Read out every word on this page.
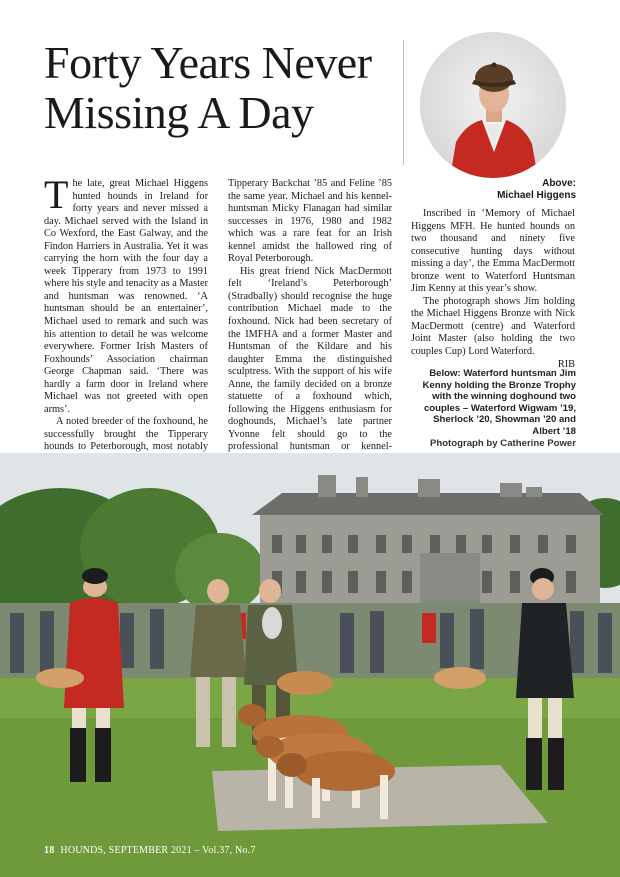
Forty Years Never Missing A Day
Above:
Michael Higgens

The late, great Michael Higgens hunted hounds in Ireland for forty years and never missed a day. Michael served with the Island in Co Wexford, the East Galway, and the Findon Harriers in Australia. Yet it was carrying the horn with the four day a week Tipperary from 1973 to 1991 where his style and tenacity as a Master and huntsman was renowned. ‘A huntsman should be an entertainer’, Michael used to remark and such was his attention to detail he was welcome everywhere. Former Irish Masters of Foxhounds’ Association chairman George Chapman said. ‘There was hardly a farm door in Ireland where Michael was not greeted with open arms’.

A noted breeder of the foxhound, he successfully brought the Tipperary hounds to Peterborough, most notably

Tipperary Backchat ’85 and Feline ’85 the same year. Michael and his kennel-huntsman Micky Flanagan had similar successes in 1976, 1980 and 1982 which was a rare feat for an Irish kennel amidst the hallowed ring of Royal Peterborough.

His great friend Nick MacDermott felt ‘Ireland’s Peterborough’ (Stradbally) should recognise the huge contribution Michael made to the foxhound. Nick had been secretary of the IMFHA and a former Master and Huntsman of the Kildare and his daughter Emma the distinguished sculptress. With the support of his wife Anne, the family decided on a bronze statuette of a foxhound which, following the Higgens enthusiasm for doghounds, Michael’s late partner Yvonne felt should go to the professional huntsman or kennel-

Inscribed in ‘Memory of Michael Higgens MFH. He hunted hounds on two thousand and ninety five consecutive hunting days without missing a day’, the Emma MacDermott bronze went to Waterford Huntsman Jim Kenny at this year’s show.

The photograph shows Jim holding the Michael Higgens Bronze with Nick MacDermott (centre) and Waterford Joint Master (also holding the two couples Cup) Lord Waterford.

RIB
Below: Waterford huntsman Jim Kenny holding the Bronze Trophy with the winning doghound two couples – Waterford Wigwam ’19, Sherlock ’20, Showman ’20 and Albert ’18
Photograph by Catherine Power
18 HOUNDS, SEPTEMBER 2021 – Vol.37, No.7
